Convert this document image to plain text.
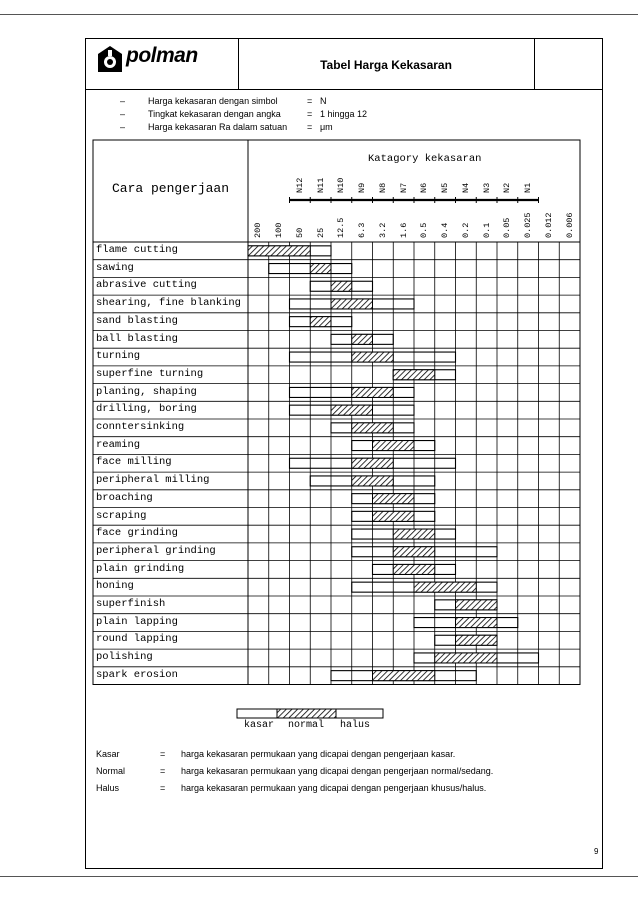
polman	Tabel Harga Kekasaran
–	Harga kekasaran dengan simbol	= N
–	Tingkat kekasaran dengan angka	= 1 hingga 12
–	Harga kekasaran Ra dalam satuan = μm
Cara pengerjaan
Katagory kekasaran
N12 N11 N10 N9 N8 N7 N6 N5 N4 N3 N2 N1
200 100 50 25 12.5 6.3 3.2 1.6 0.5 0.4 0.2 0.1 0.05 0.025 0.012 0.006
flame cutting
sawing
abrasive cutting
shearing, fine blanking
sand blasting
ball blasting
turning
superfine turning
planing, shaping
drilling, boring
conntersinking
reaming
face milling
peripheral milling
broaching
scraping
face grinding
peripheral grinding
plain grinding
honing
superfinish
plain lapping
round lapping
polishing
spark erosion
kasar normal halus
Kasar	= harga kekasaran permukaan yang dicapai dengan pengerjaan kasar.
Normal	= harga kekasaran permukaan yang dicapai dengan pengerjaan normal/sedang.
Halus	= harga kekasaran permukaan yang dicapai dengan pengerjaan khusus/halus.
9
